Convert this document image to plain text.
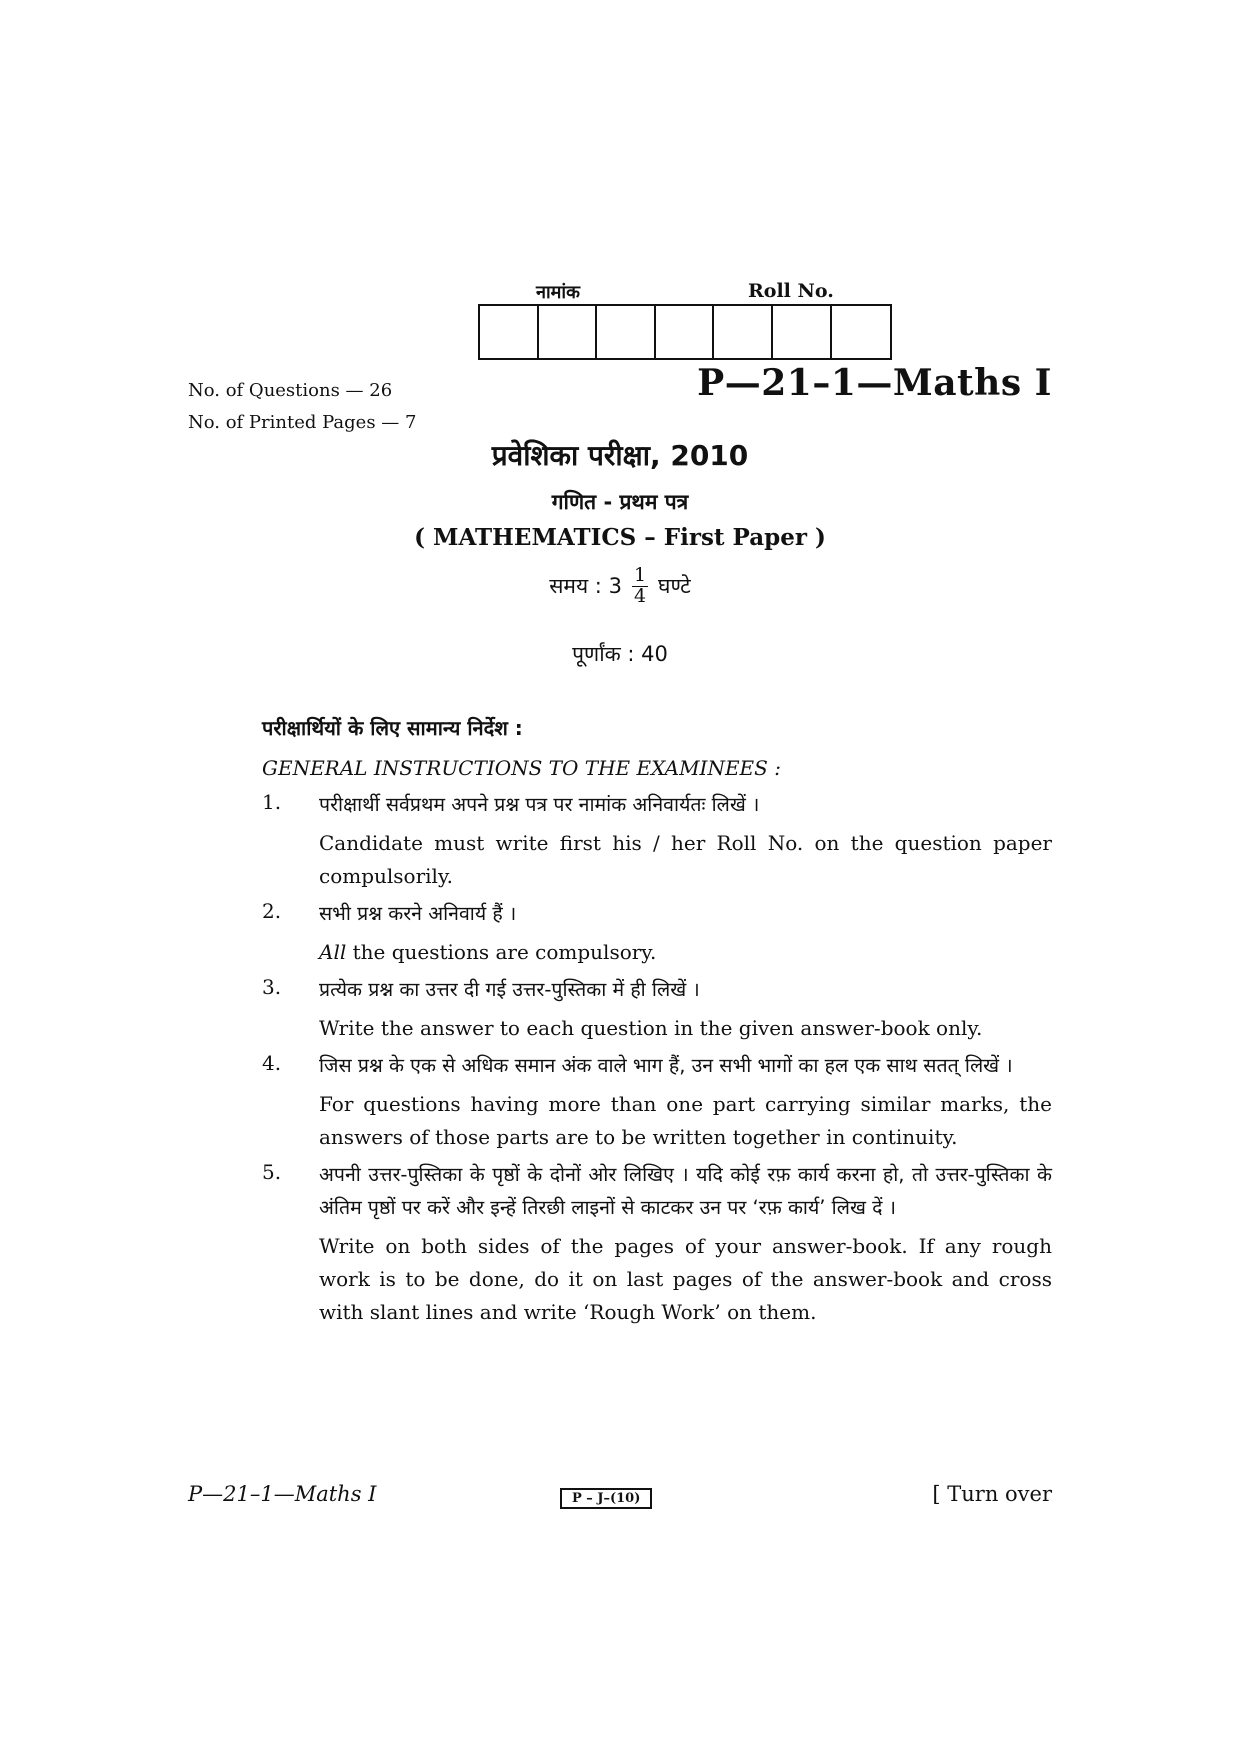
नामांक	Roll No.
No. of Questions — 26
No. of Printed Pages — 7
P—21–1—Maths I
प्रवेशिका परीक्षा, 2010
गणित - प्रथम पत्र
( MATHEMATICS – First Paper )
समय : $3 \frac{1}{4}$ घण्टे
पूर्णांक : 40
परीक्षार्थियों के लिए सामान्य निर्देश :
GENERAL INSTRUCTIONS TO THE EXAMINEES :
1.	परीक्षार्थी सर्वप्रथम अपने प्रश्न पत्र पर नामांक अनिवार्यतः लिखें ।
Candidate must write first his / her Roll No. on the question paper compulsorily.
2.	सभी प्रश्न करने अनिवार्य हैं ।
All the questions are compulsory.
3.	प्रत्येक प्रश्न का उत्तर दी गई उत्तर-पुस्तिका में ही लिखें ।
Write the answer to each question in the given answer-book only.
4.	जिस प्रश्न के एक से अधिक समान अंक वाले भाग हैं, उन सभी भागों का हल एक साथ सतत् लिखें ।
For questions having more than one part carrying similar marks, the answers of those parts are to be written together in continuity.
5.	अपनी उत्तर-पुस्तिका के पृष्ठों के दोनों ओर लिखिए । यदि कोई रफ़ कार्य करना हो, तो उत्तर-पुस्तिका के अंतिम पृष्ठों पर करें और इन्हें तिरछी लाइनों से काटकर उन पर ‘रफ़ कार्य’ लिख दें ।
Write on both sides of the pages of your answer-book. If any rough work is to be done, do it on last pages of the answer-book and cross with slant lines and write ‘Rough Work’ on them.
P—21–1—Maths I	P – J–(10)	[ Turn over
